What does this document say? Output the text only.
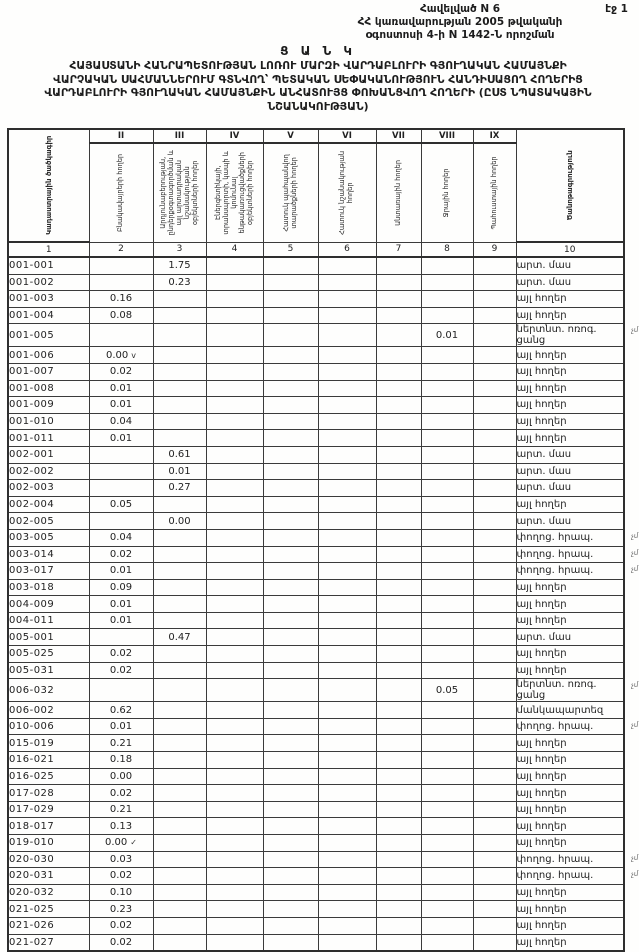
Հավելված N 6
ՀՀ կառավարության 2005 թվականի
օգոստոսի 4-ի N 1442-Ն որոշման
էջ 1
Ց Ա Ն Կ
ՀԱՅԱՍՏԱՆԻ ՀԱՆՐԱՊԵՏՈՒԹՅԱՆ ԼՈՌՈՒ ՄԱՐԶԻ ՎԱՐԴԱԲԼՈՒՐԻ ԳՅՈՒՂԱԿԱՆ ՀԱՄԱՅՆՔԻ
ՎԱՐՉԱԿԱՆ ՍԱՀՄԱՆՆԵՐՈՒՄ ԳՏՆՎՈՂ՝ ՊԵՏԱԿԱՆ ՍԵՓԱԿԱՆՈՒԹՅՈՒՆ ՀԱՆԴԻՍԱՑՈՂ ՀՈՂԵՐԻՑ
ՎԱՐԴԱԲԼՈՒՐԻ ԳՅՈՒՂԱԿԱՆ ՀԱՄԱՅՆՔԻՆ ԱՆՀԱՏՈՒՅՑ ՓՈԽԱՆՑՎՈՂ ՀՈՂԵՐԻ (ԸՍՏ ՆՊԱՏԱԿԱՅԻՆ
ՆՇԱՆԱԿՈՒԹՅԱՆ)
Կադաստրային ծածկագիր	II	III	IV	V	VI	VII	VIII	IX	Ծանոթագրություն

	Բնակավայրերի հողեր	Արդյունաբերության, ընդերքօգտագործման և այլ արտադրական նշանակության օբյեկտների հողեր	Էներգետիկայի, տրանսպորտի, կապի և կոմունալ ենթակառուցվածքների օբյեկտների հողեր	Հատուկ պահպանվող տարածքների հողեր	Հատուկ նշանակության հողեր	Անտառային հողեր	Ջրային հողեր	Պահուստային հողեր	

1	2	3	4	5	6	7	8	9	10
001-001		1.75							արտ. մաս
001-002		0.23							արտ. մաս
001-003	0.16								այլ հողեր
001-004	0.08								այլ հողեր
001-005							0.01		ներտնտ. ոռոգ. ցանց
չմ

001-006	0.00 v								այլ հողեր
001-007	0.02								այլ հողեր
001-008	0.01								այլ հողեր
001-009	0.01								այլ հողեր
001-010	0.04								այլ հողեր
001-011	0.01								այլ հողեր
002-001		0.61							արտ. մաս
002-002		0.01							արտ. մաս
002-003		0.27							արտ. մաս
002-004	0.05								այլ հողեր
002-005		0.00							արտ. մաս
003-005	0.04								փողոց. հրապ. չմ

003-014	0.02								փողոց. հրապ. չմ

003-017	0.01								փողոց. հրապ. չմ

003-018	0.09								այլ հողեր
004-009	0.01								այլ հողեր
004-011	0.01								այլ հողեր
005-001		0.47							արտ. մաս
005-025	0.02								այլ հողեր
005-031	0.02								այլ հողեր
006-032							0.05		ներտնտ. ոռոգ. ցանց
չմ

006-002	0.62								մանկապարտեզ
010-006	0.01								փողոց. հրապ. չմ

015-019	0.21								այլ հողեր
016-021	0.18								այլ հողեր
016-025	0.00								այլ հողեր
017-028	0.02								այլ հողեր
017-029	0.21								այլ հողեր
018-017	0.13								այլ հողեր
019-010	0.00 ✓								այլ հողեր
020-030	0.03								փողոց. հրապ. չմ

020-031	0.02								փողոց. հրապ. չմ

020-032	0.10								այլ հողեր
021-025	0.23								այլ հողեր
021-026	0.02								այլ հողեր
021-027	0.02								այլ հողեր
